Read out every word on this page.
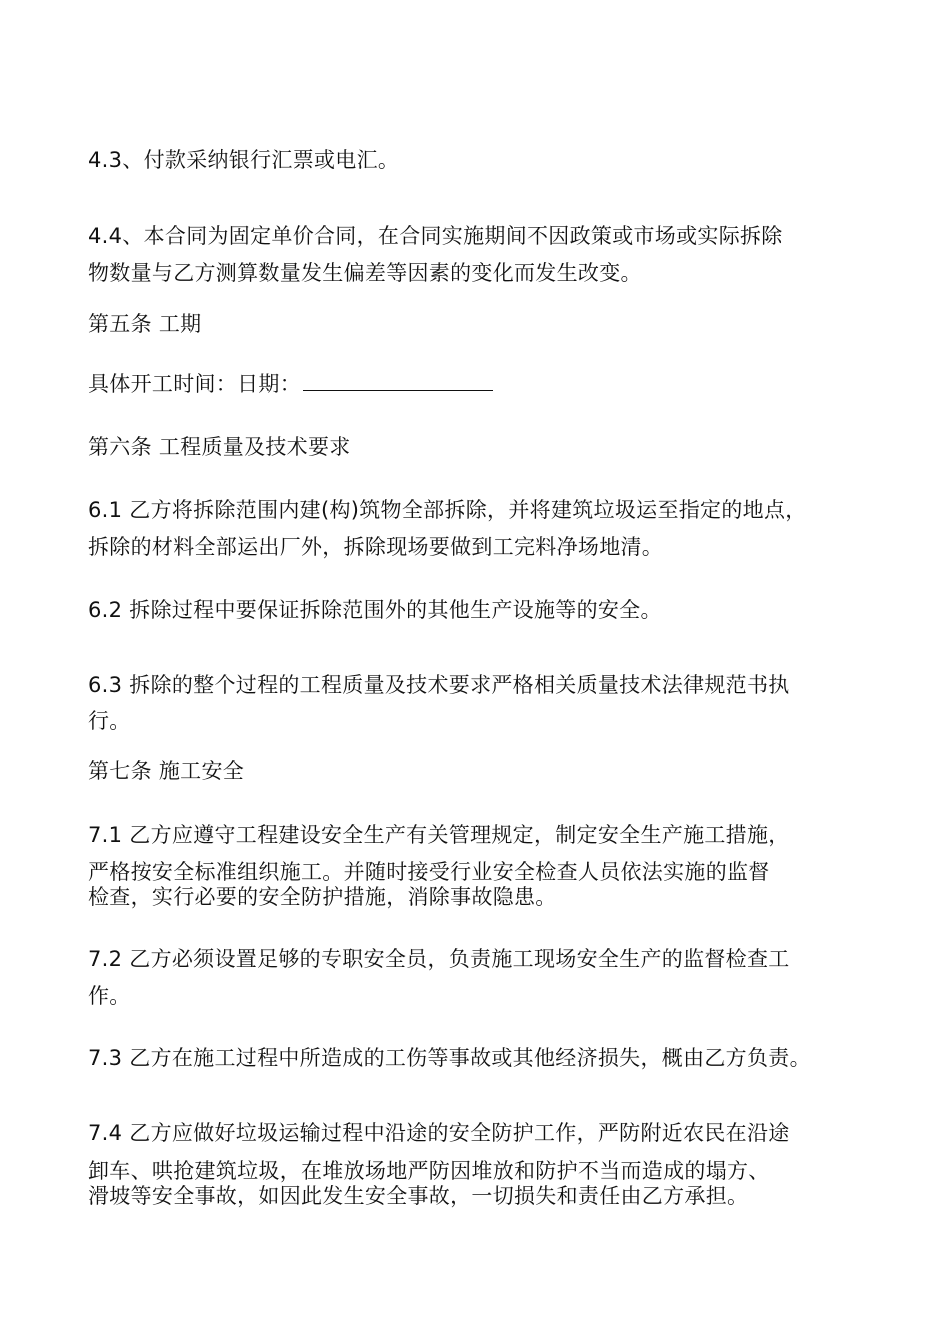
4.3、付款采纳银行汇票或电汇。
4.4、本合同为固定单价合同，在合同实施期间不因政策或市场或实际拆除
物数量与乙方测算数量发生偏差等因素的变化而发生改变。
第五条 工期
具体开工时间：日期：
第六条 工程质量及技术要求
6.1 乙方将拆除范围内建(构)筑物全部拆除，并将建筑垃圾运至指定的地点，
拆除的材料全部运出厂外，拆除现场要做到工完料净场地清。
6.2 拆除过程中要保证拆除范围外的其他生产设施等的安全。
6.3 拆除的整个过程的工程质量及技术要求严格相关质量技术法律规范书执
行。
第七条 施工安全
7.1 乙方应遵守工程建设安全生产有关管理规定，制定安全生产施工措施，
严格按安全标准组织施工。并随时接受行业安全检查人员依法实施的监督
检查，实行必要的安全防护措施，消除事故隐患。
7.2 乙方必须设置足够的专职安全员，负责施工现场安全生产的监督检查工
作。
7.3 乙方在施工过程中所造成的工伤等事故或其他经济损失，概由乙方负责。
7.4 乙方应做好垃圾运输过程中沿途的安全防护工作，严防附近农民在沿途
卸车、哄抢建筑垃圾，在堆放场地严防因堆放和防护不当而造成的塌方、
滑坡等安全事故，如因此发生安全事故，一切损失和责任由乙方承担。
